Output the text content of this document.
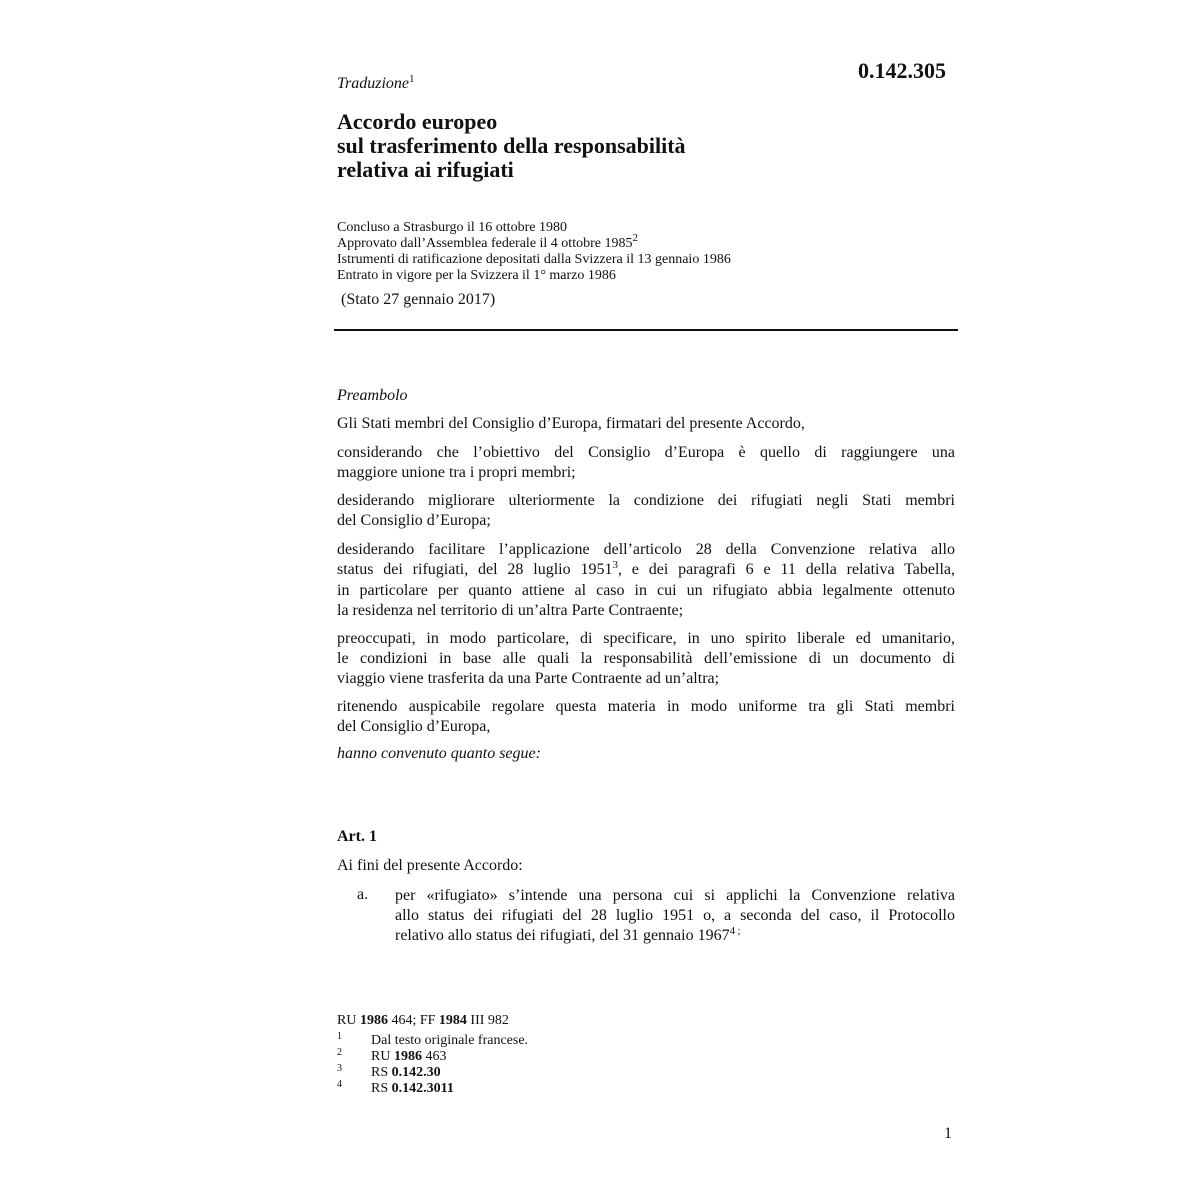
0.142.305
Traduzione$^1$
Accordo europeo
sul trasferimento della responsabilità
relativa ai rifugiati
Concluso a Strasburgo il 16 ottobre 1980
Approvato dall’Assemblea federale il 4 ottobre 1985$^2$
Istrumenti di ratificazione depositati dalla Svizzera il 13 gennaio 1986
Entrato in vigore per la Svizzera il 1° marzo 1986
(Stato 27 gennaio 2017)
Preambolo
Gli Stati membri del Consiglio d’Europa, firmatari del presente Accordo,
considerando che l’obiettivo del Consiglio d’Europa è quello di raggiungere una
maggiore unione tra i propri membri;
desiderando migliorare ulteriormente la condizione dei rifugiati negli Stati membri
del Consiglio d’Europa;
desiderando facilitare l’applicazione dell’articolo 28 della Convenzione relativa allo
status dei rifugiati, del 28 luglio 1951$^3$, e dei paragrafi 6 e 11 della relativa Tabella,
in particolare per quanto attiene al caso in cui un rifugiato abbia legalmente ottenuto
la residenza nel territorio di un’altra Parte Contraente;
preoccupati, in modo particolare, di specificare, in uno spirito liberale ed umanitario,
le condizioni in base alle quali la responsabilità dell’emissione di un documento di
viaggio viene trasferita da una Parte Contraente ad un’altra;
ritenendo auspicabile regolare questa materia in modo uniforme tra gli Stati membri
del Consiglio d’Europa,
hanno convenuto quanto segue:
Art. 1
Ai fini del presente Accordo:
a. per «rifugiato» s’intende una persona cui si applichi la Convenzione relativa
allo status dei rifugiati del 28 luglio 1951 o, a seconda del caso, il Protocollo
relativo allo status dei rifugiati, del 31 gennaio 1967$^4$ ;
RU 1986 464; FF 1984 III 982
1 Dal testo originale francese.
2 RU 1986 463
3 RS 0.142.30
4 RS 0.142.3011
1
